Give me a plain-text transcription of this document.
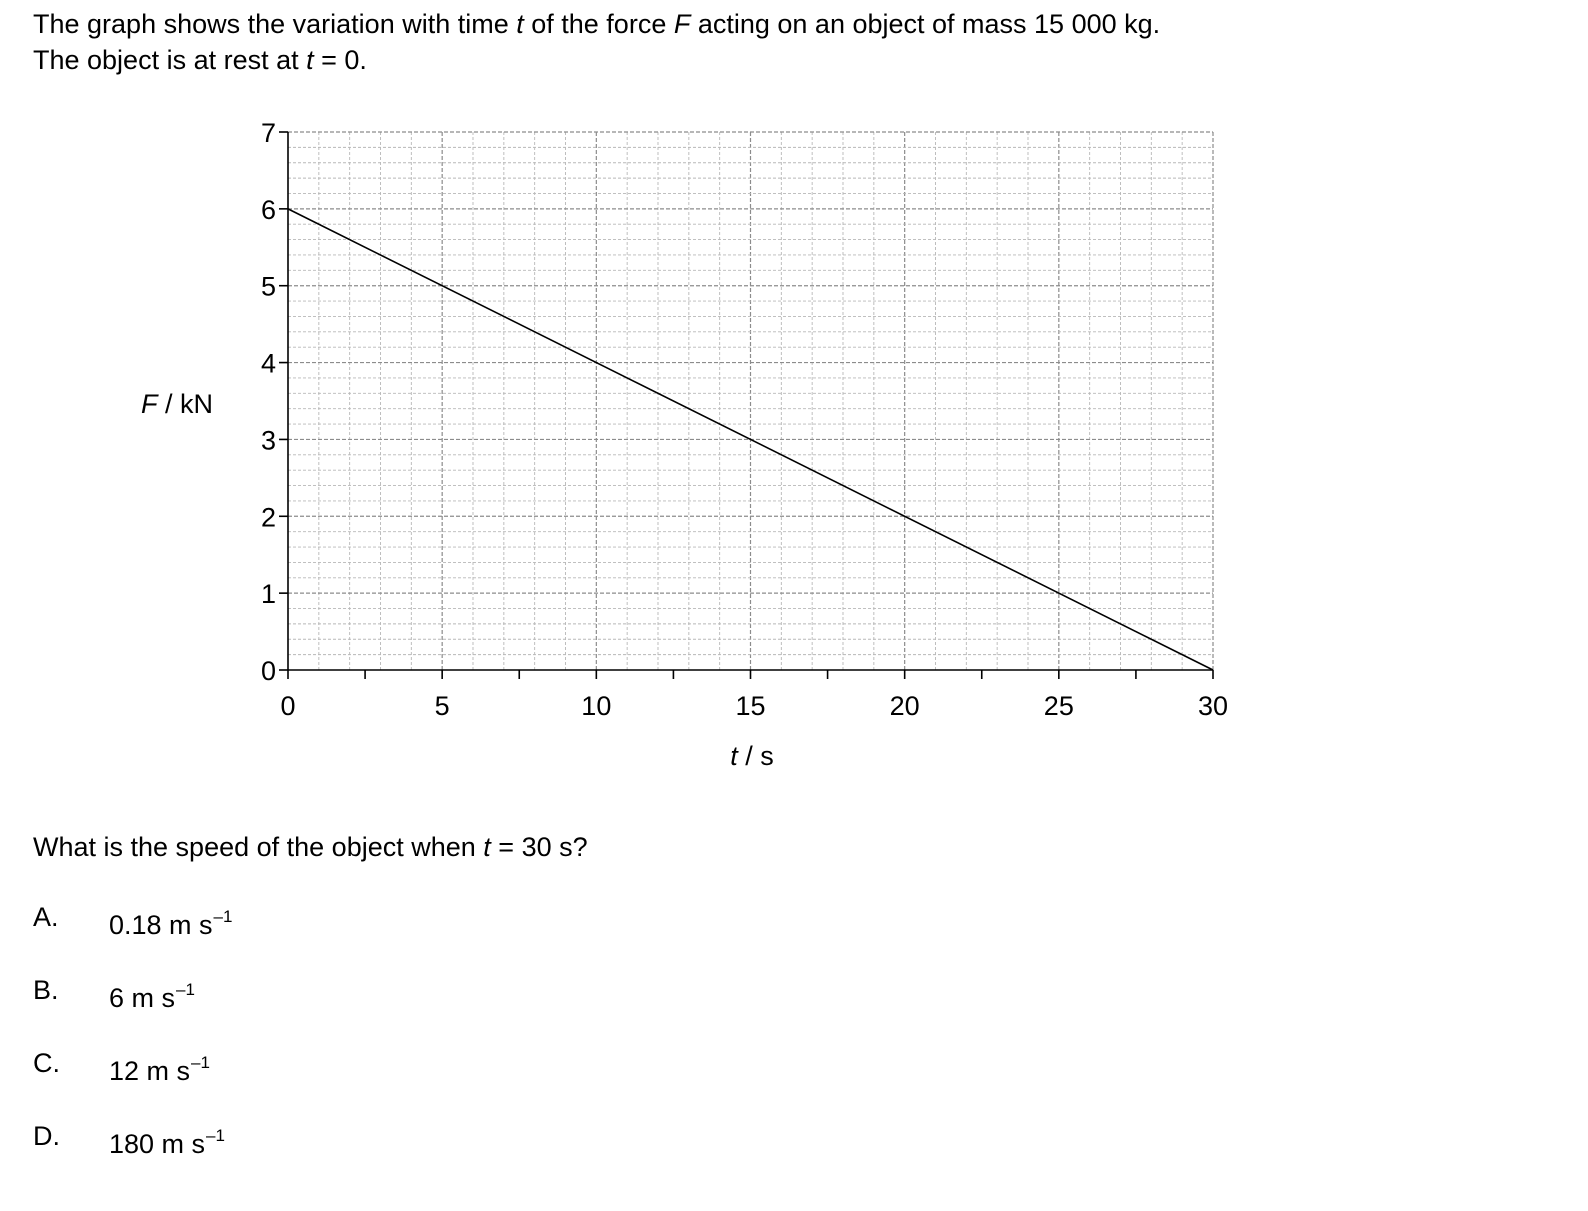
The graph shows the variation with time t of the force F acting on an object of mass 15 000 kg.
The object is at rest at t = 0.
0
1
2
3
4
5
6
7
0	5	10	15	20	25	30
F / kN
t / s
What is the speed of the object when t = 30 s?
A. 0.18 m $s^{-1}$
B. 6 m $s^{-1}$
C. 12 m $s^{-1}$
D. 180 m $s^{-1}$
